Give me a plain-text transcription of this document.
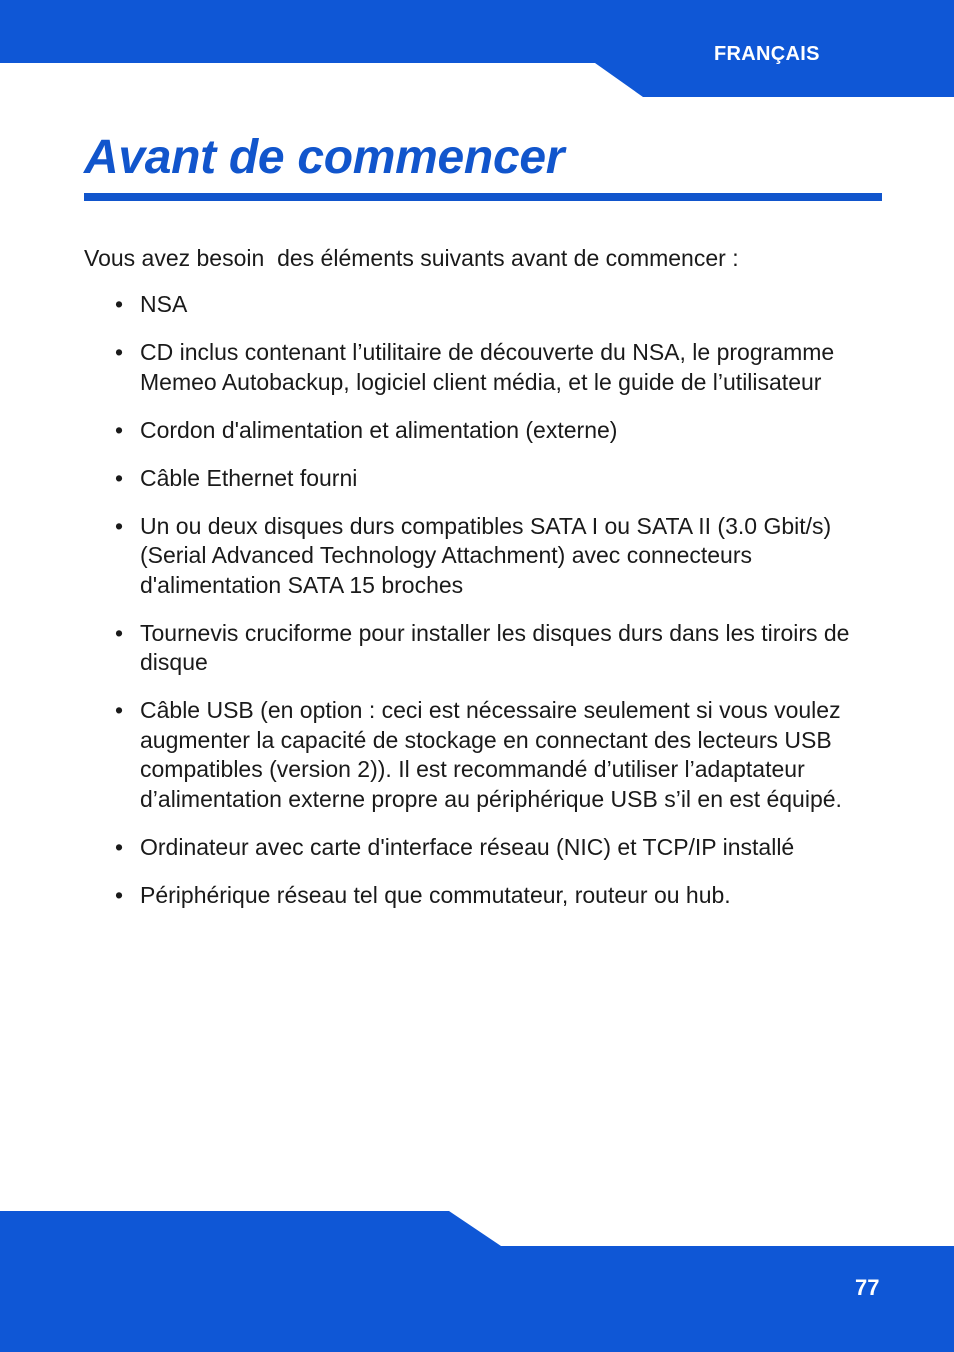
FRANÇAIS
Avant de commencer

Vous avez besoin  des éléments suivants avant de commencer :

• NSA
• CD inclus contenant l’utilitaire de découverte du NSA, le programme Memeo Autobackup, logiciel client média, et le guide de l’utilisateur
• Cordon d'alimentation et alimentation (externe)
• Câble Ethernet fourni
• Un ou deux disques durs compatibles SATA I ou SATA II (3.0 Gbit/s) (Serial Advanced Technology Attachment) avec connecteurs d'alimentation SATA 15 broches
• Tournevis cruciforme pour installer les disques durs dans les tiroirs de disque
• Câble USB (en option : ceci est nécessaire seulement si vous voulez augmenter la capacité de stockage en connectant des lecteurs USB compatibles (version 2)). Il est recommandé d’utiliser l’adaptateur d’alimentation externe propre au périphérique USB s’il en est équipé.
• Ordinateur avec carte d'interface réseau (NIC) et TCP/IP installé
• Périphérique réseau tel que commutateur, routeur ou hub.
77
